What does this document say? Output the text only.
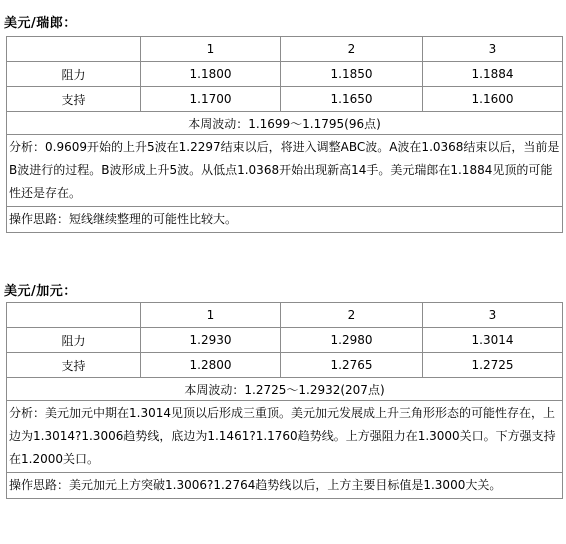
美元/瑞郎：
	1	2	3
阻力	1.1800	1.1850	1.1884
支持	1.1700	1.1650	1.1600
本周波动：1.1699～1.1795(96点)			
分析：0.9609开始的上升5波在1.2297结束以后，将进入调整ABC波。A波在1.0368结束以后，当前是B波进行的过程。B波形成上升5波。从低点1.0368开始出现新高14手。美元瑞郎在1.1884见顶的可能性还是存在。			
操作思路：短线继续整理的可能性比较大。			
美元/加元：
	1	2	3
阻力	1.2930	1.2980	1.3014
支持	1.2800	1.2765	1.2725
本周波动：1.2725～1.2932(207点)			
分析：美元加元中期在1.3014见顶以后形成三重顶。美元加元发展成上升三角形形态的可能性存在，上边为1.3014?1.3006趋势线，底边为1.1461?1.1760趋势线。上方强阻力在1.3000关口。下方强支持在1.2000关口。			
操作思路：美元加元上方突破1.3006?1.2764趋势线以后，上方主要目标值是1.3000大关。			
